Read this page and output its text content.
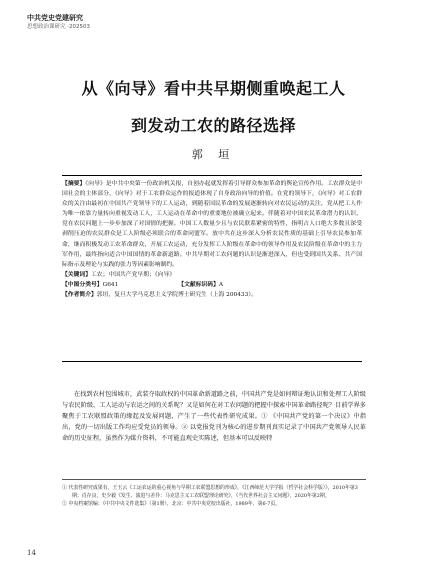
中共党史党建研究
思想政治课研究 ·202503
从《向导》看中共早期侧重唤起工人
到发动工农的路径选择
郭 垣

【摘要】《向导》是中共中央第一份政治机关报，自创办起就发挥着引导群众参加革命的舆论宣传作用。工农群众是中国社会的主体部分，《向导》对于工农群众运作的报道体现了自身政治向导的价值。在党的领导下，《向导》对工农群众的关注由最初在中国共产党领导下的工人运动，到随着国民革命的发展逐渐转向对农民运动的关注，党从把工人作为唯一依靠力量转向重视发动工人，工人运动在革命中的重要地位被确立起来。伴随着对中国农民革命潜力的认识，党在农民问题上一步步加深了对国情的把握。中国工人数量少且与农民联系紧密的特性，指明占人口绝大多数且深受剥削压迫的农民群众是工人阶级必须联合的革命同盟军。放中共在这步深入分析农民性质的基础上引导农民参加革命，继而积极发动工农革命群众，开展工农运动，充分发挥工人阶级在革命中的领导作用及农民阶级在革命中的主力军作用，最终指向适合中国国情的革命新道路。中共早期对工农问题的认识是渐进深入，但也受到国共关系、共产国际指示及理论与实践的张力等因素影响制约。

【关键词】工农；中国共产党早期；《向导》

【中图分类号】G641	【文献标识码】A

【作者简介】郭垣，复旦大学马克思主义学院博士研究生（上海 200433）。

在找到农村包围城市，武装夺取政权的中国革命新道路之前，中国共产党是如何辩证地认识和处理工人阶级与农民阶级、工人运动与农运之间的关系呢？又是如何在对工农问题的把握中探索中国革命路径呢？目前学界多聚焦于工农联盟政策的缘起及发展问题，产生了一些代表性研究成果。① 《中国共产党的第一个决议》中指出，党的一切出版工作均应受党员的领导。② 以党报党刊为核心的进步期刊真实记录了中国共产党领导人民革命的历史征程，虽然作为媒介资料，不可能直观史实陈述，但基本可以反映特
① 代表性研究成果有，王玉云《工运农运的重心视角与早期工农联盟思想的形成》，《江西师范大学学报（哲学社会科学版）》，2010年第3期；肖存良，史少毅《发生、演进与差异：马克思主义工农联盟理论研究》，《当代世界社会主义问题》，2020年第2期。
② 中央档案馆编：《中共中央文件选集》（第1册），北京：中共中央党校出版社，1989年，第6-7页。
14
